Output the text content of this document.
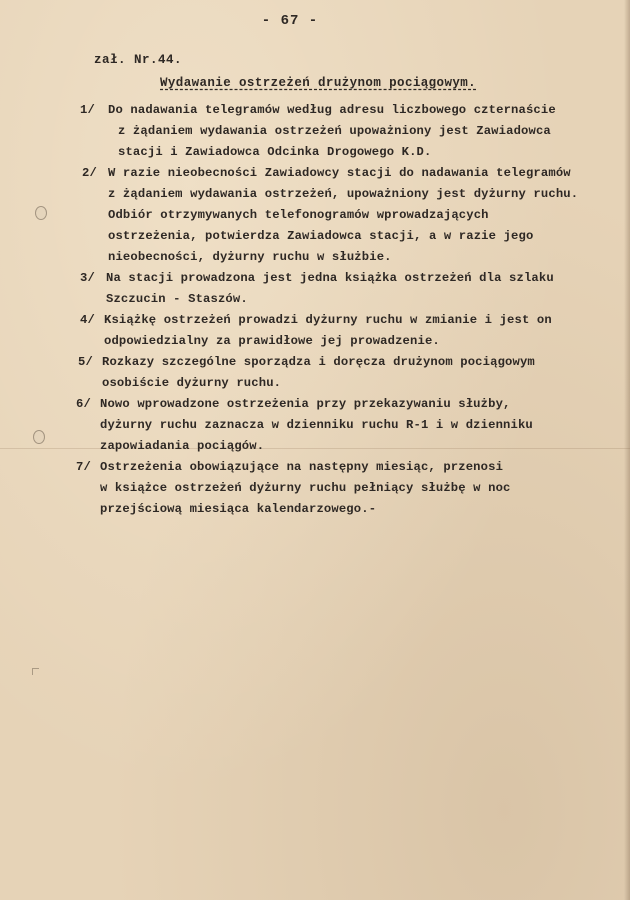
- 67 -
zał. Nr.44.
Wydawanie ostrzeżeń drużynom pociągowym.
1/ Do nadawania telegramów według adresu liczbowego czternaście
z żądaniem wydawania ostrzeżeń upoważniony jest Zawiadowca
stacji i Zawiadowca Odcinka Drogowego K.D.
2/ W razie nieobecności Zawiadowcy stacji do nadawania telegramów
z żądaniem wydawania ostrzeżeń, upoważniony jest dyżurny ruchu.
Odbiór otrzymywanych telefonogramów wprowadzających
ostrzeżenia, potwierdza Zawiadowca stacji, a w razie jego
nieobecności, dyżurny ruchu w służbie.
3/ Na stacji prowadzona jest jedna książka ostrzeżeń dla szlaku
Szczucin - Staszów.
4/ Książkę ostrzeżeń prowadzi dyżurny ruchu w zmianie i jest on
odpowiedzialny za prawidłowe jej prowadzenie.
5/ Rozkazy szczególne sporządza i doręcza drużynom pociągowym
osobiście dyżurny ruchu.
6/ Nowo wprowadzone ostrzeżenia przy przekazywaniu służby,
dyżurny ruchu zaznacza w dzienniku ruchu R-1 i w dzienniku
zapowiadania pociągów.
7/ Ostrzeżenia obowiązujące na następny miesiąc, przenosi
w książce ostrzeżeń dyżurny ruchu pełniący służbę w noc
przejściową miesiąca kalendarzowego.-
